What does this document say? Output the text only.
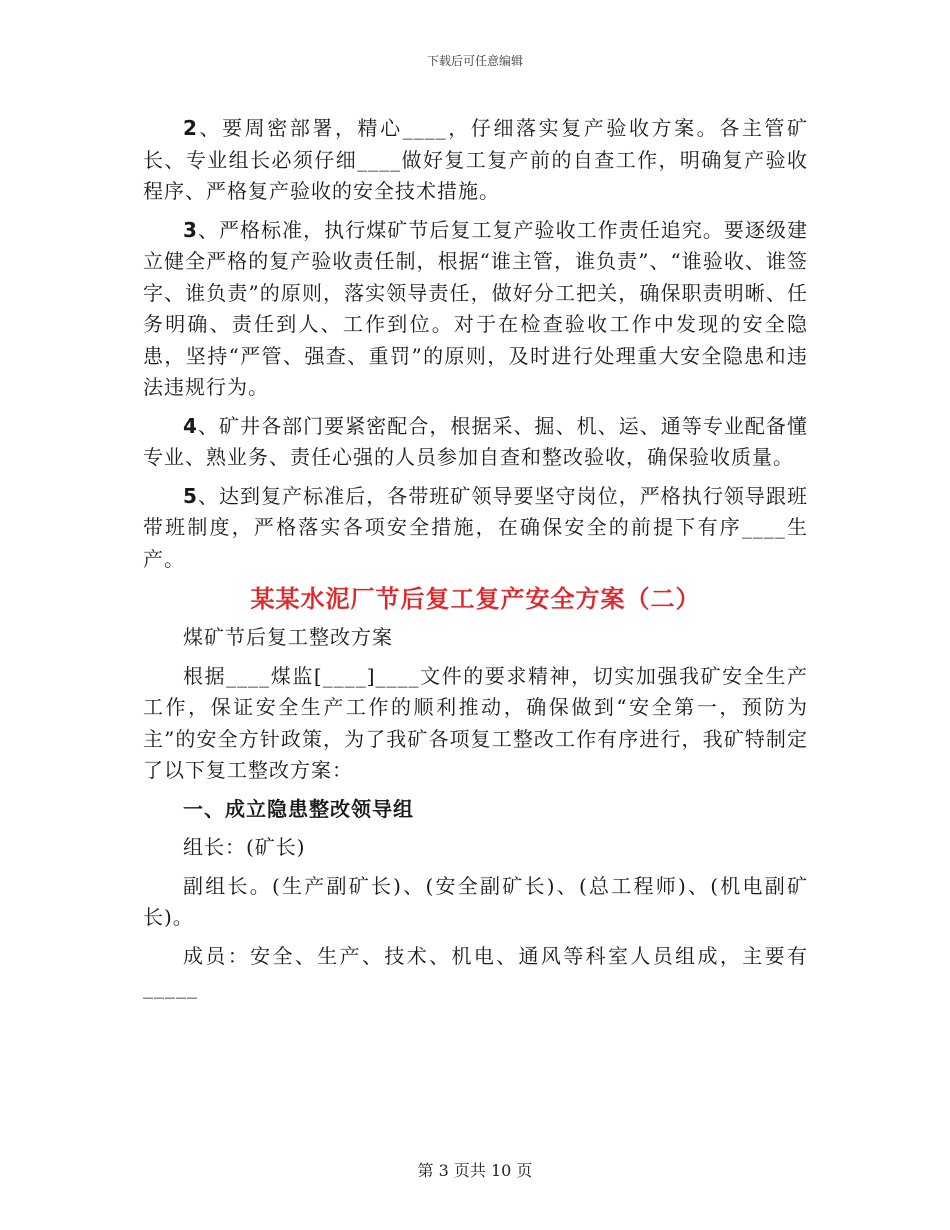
下载后可任意编辑

2、要周密部署，精心____，仔细落实复产验收方案。各主管矿长、专业组长必须仔细____做好复工复产前的自查工作，明确复产验收程序、严格复产验收的安全技术措施。

3、严格标准，执行煤矿节后复工复产验收工作责任追究。要逐级建立健全严格的复产验收责任制，根据“谁主管，谁负责”、“谁验收、谁签字、谁负责”的原则，落实领导责任，做好分工把关，确保职责明晰、任务明确、责任到人、工作到位。对于在检查验收工作中发现的安全隐患，坚持“严管、强查、重罚”的原则，及时进行处理重大安全隐患和违法违规行为。

4、矿井各部门要紧密配合，根据采、掘、机、运、通等专业配备懂专业、熟业务、责任心强的人员参加自查和整改验收，确保验收质量。

5、达到复产标准后，各带班矿领导要坚守岗位，严格执行领导跟班带班制度，严格落实各项安全措施，在确保安全的前提下有序____生产。

某某水泥厂节后复工复产安全方案（二）

煤矿节后复工整改方案

根据____煤监[____]____文件的要求精神，切实加强我矿安全生产工作，保证安全生产工作的顺利推动，确保做到“安全第一，预防为主”的安全方针政策，为了我矿各项复工整改工作有序进行，我矿特制定了以下复工整改方案：

一、成立隐患整改领导组

组长：(矿长)

副组长。(生产副矿长)、(安全副矿长)、(总工程师)、(机电副矿长)。

成员：安全、生产、技术、机电、通风等科室人员组成，主要有_____

第 3 页共 10 页
